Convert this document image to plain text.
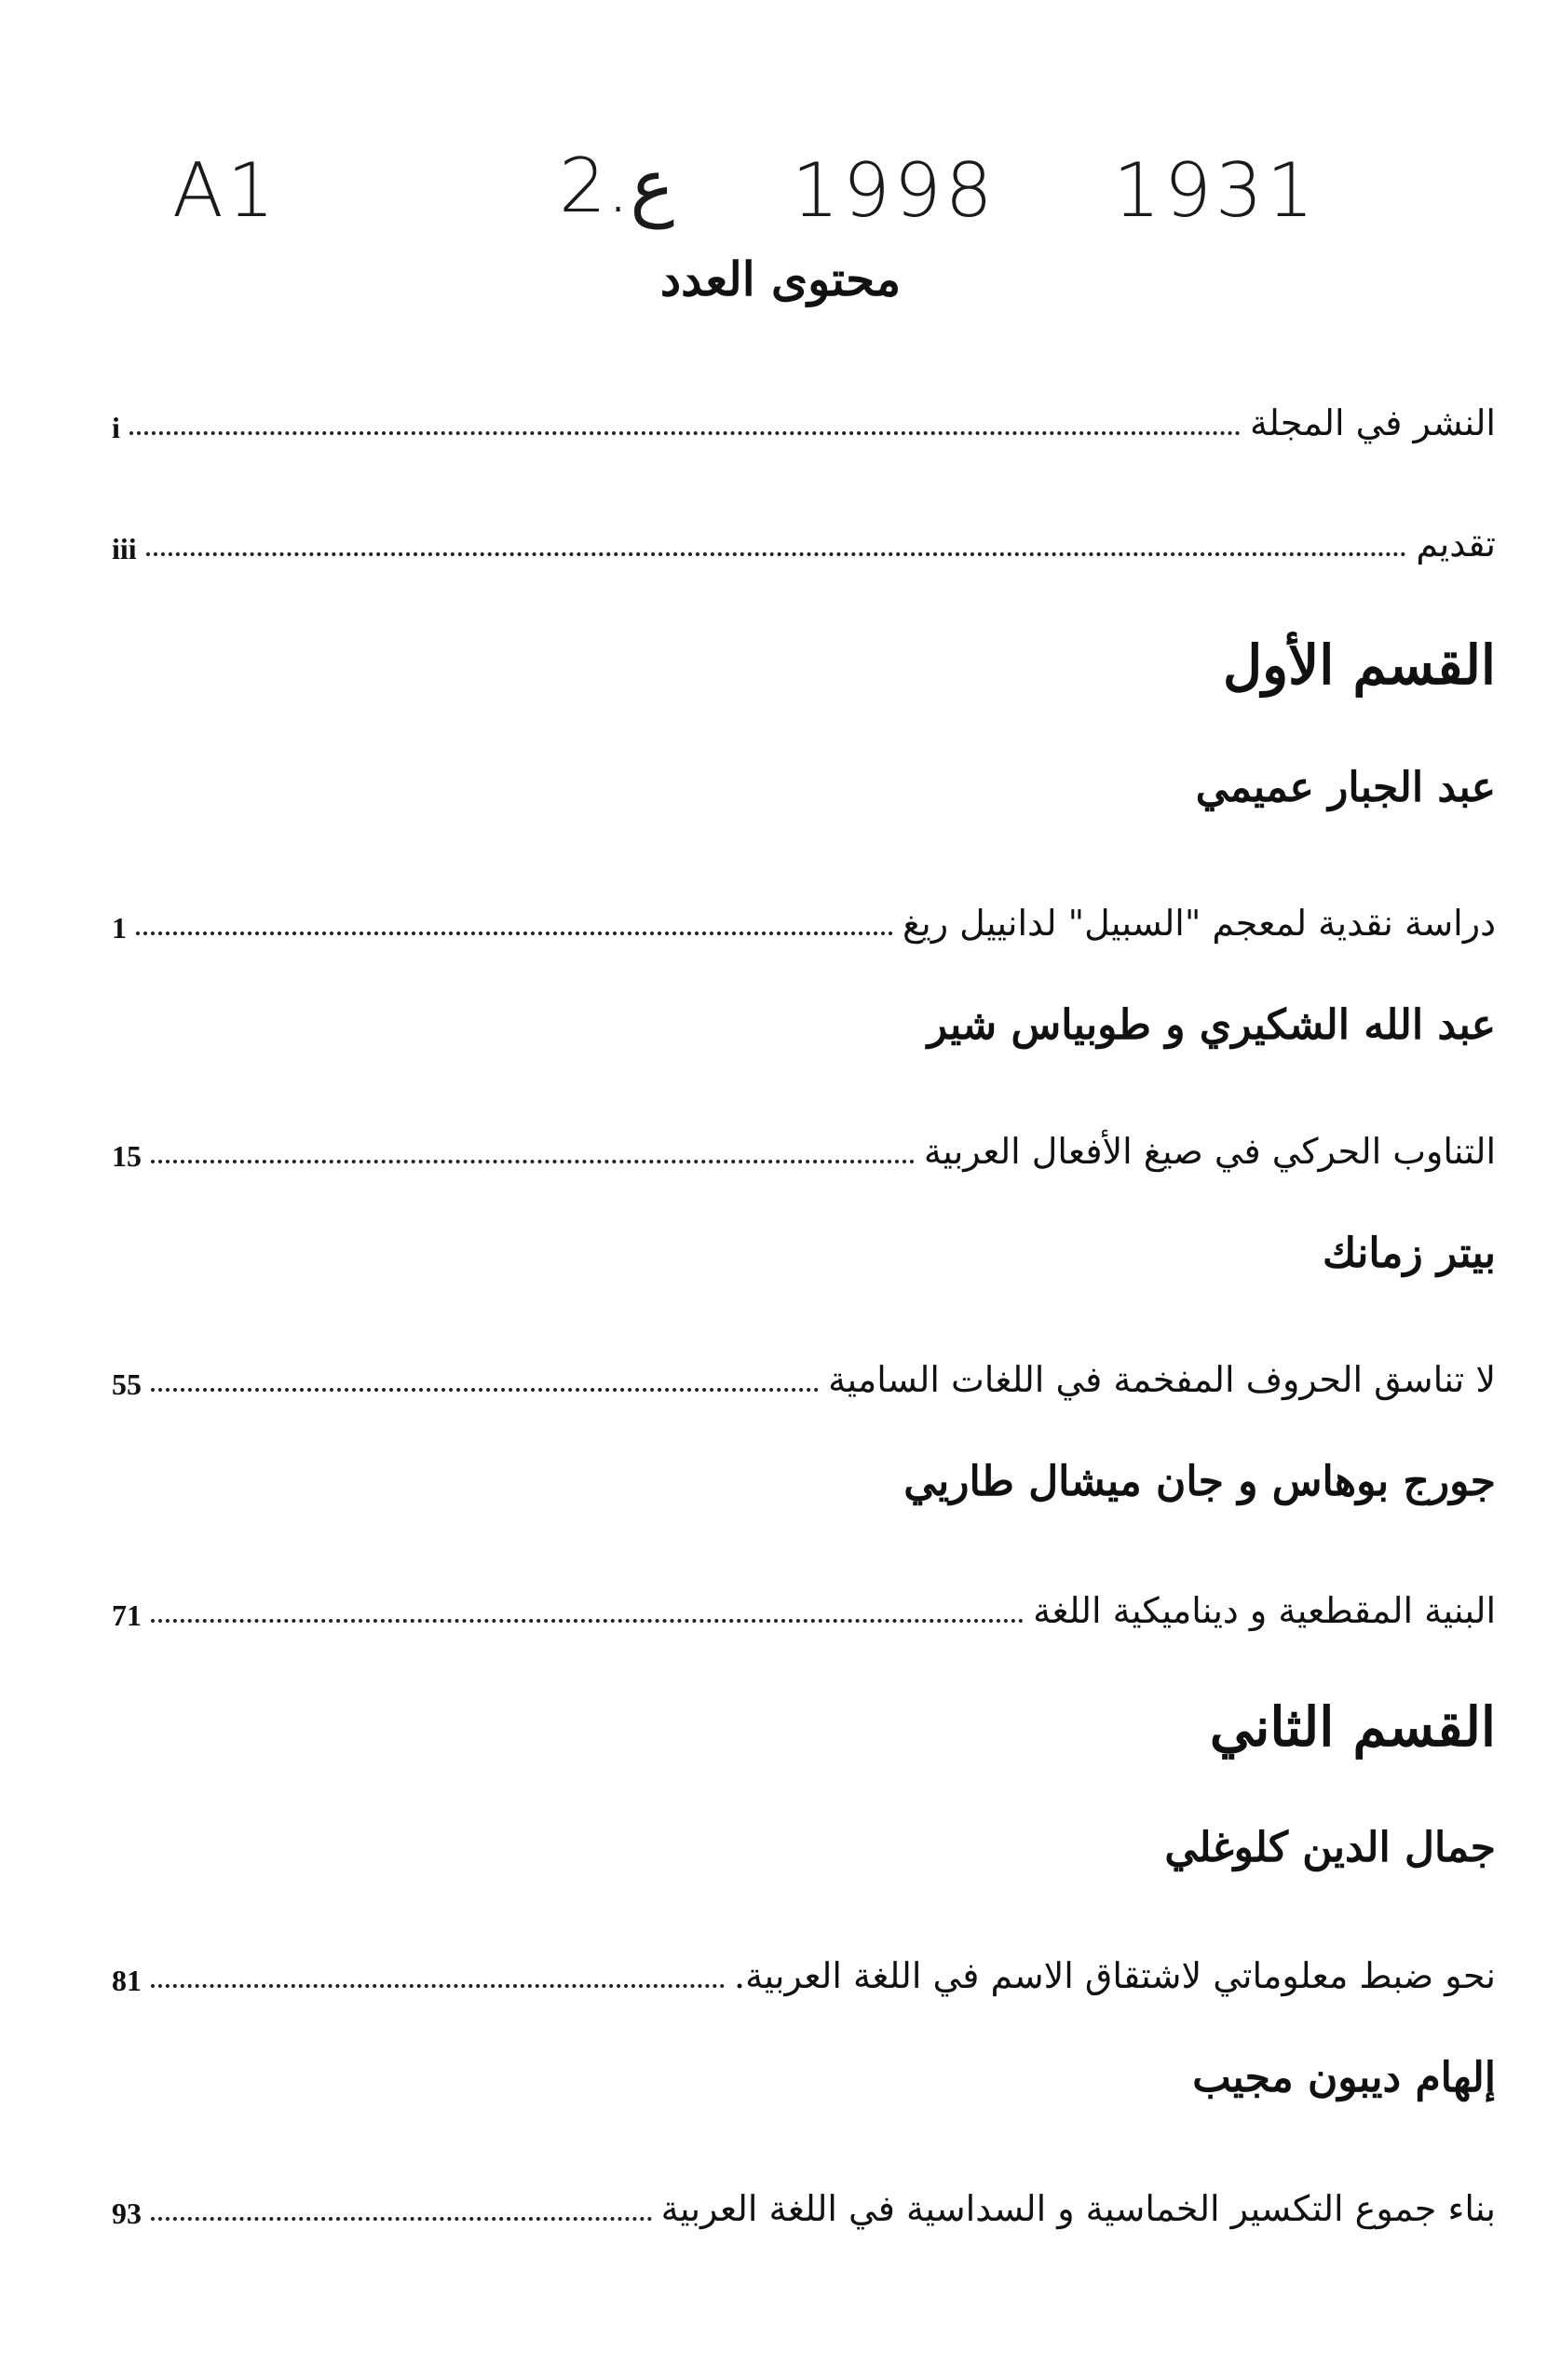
A1	2.ع 1998 1931
محتوى العدد
النشر في المجلة
i
تقديم
iii
دراسة نقدية لمعجم "السبيل" لدانييل ريغ
1
التناوب الحركي في صيغ الأفعال العربية
15
لا تناسق الحروف المفخمة في اللغات السامية
55
البنية المقطعية و ديناميكية اللغة
71
نحو ضبط معلوماتي لاشتقاق الاسم في اللغة العربية.
81
بناء جموع التكسير الخماسية و السداسية في اللغة العربية
93
القسم الأول
القسم الثاني
عبد الجبار عميمي
عبد الله الشكيري و طوبياس شير
بيتر زمانك
جورج بوهاس و جان ميشال طاريي
جمال الدين كلوغلي
إلهام ديبون مجيب
